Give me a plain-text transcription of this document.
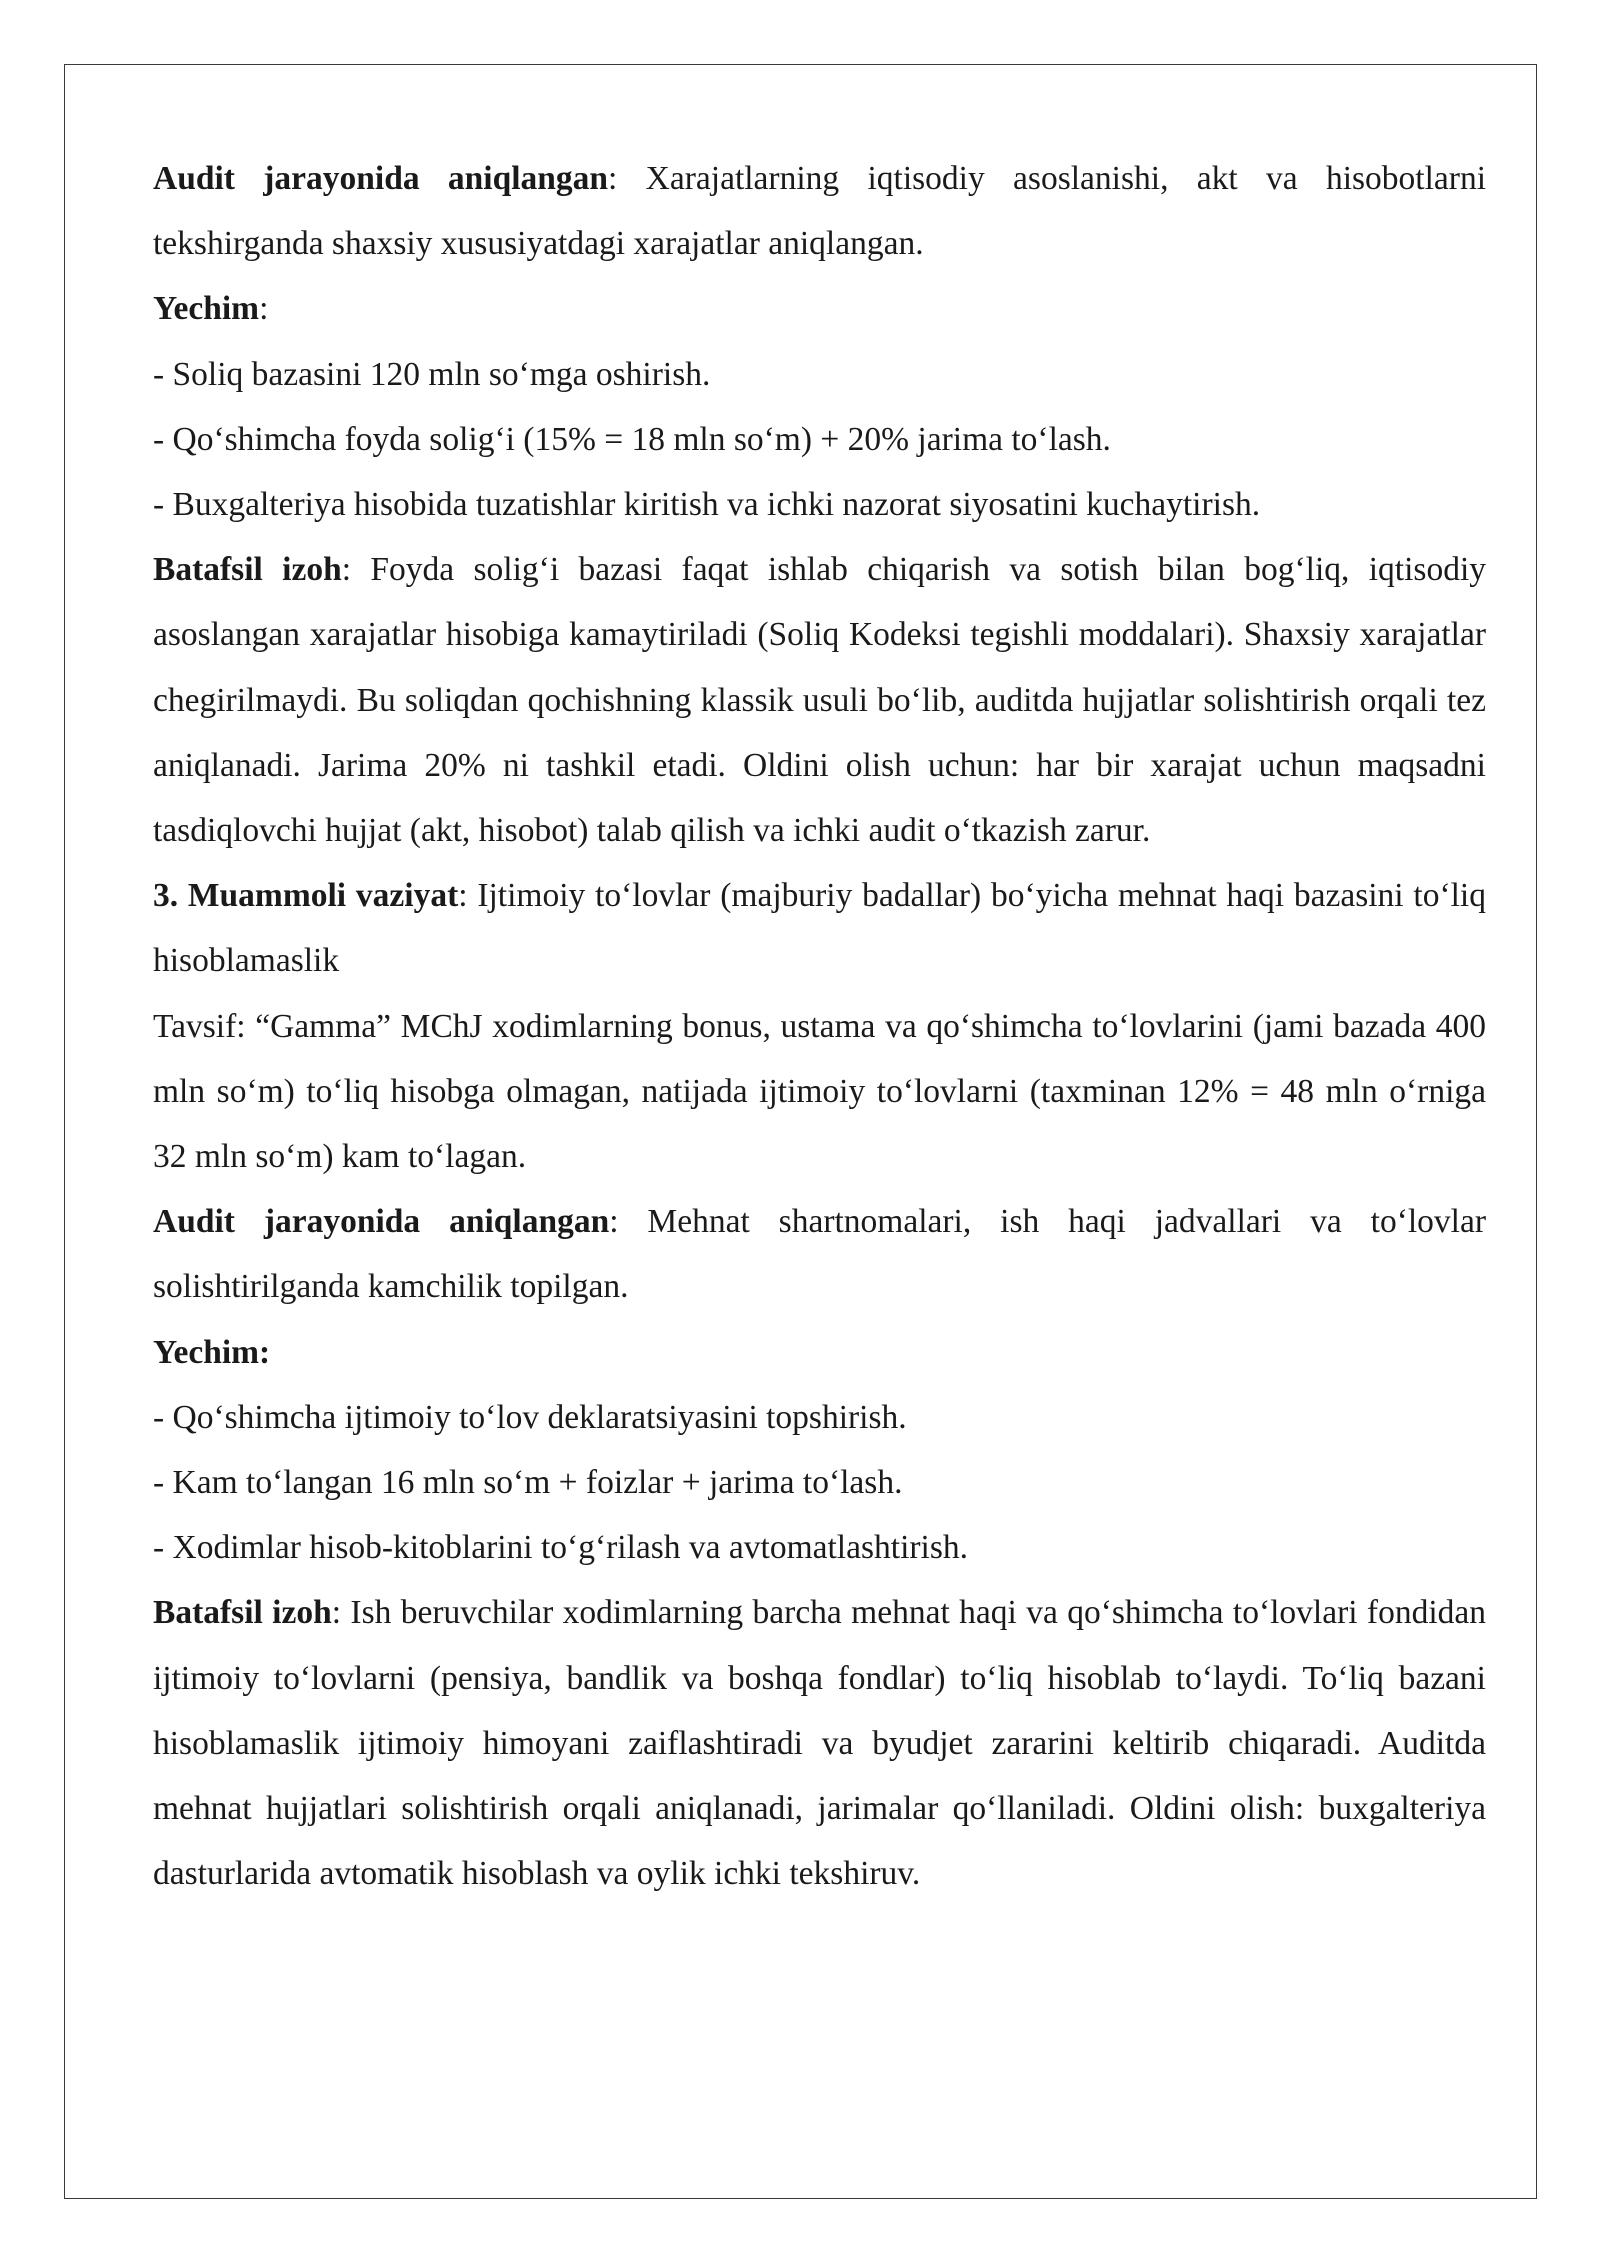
Audit jarayonida aniqlangan: Xarajatlarning iqtisodiy asoslanishi, akt va hisobotlarni tekshirganda shaxsiy xususiyatdagi xarajatlar aniqlangan.

Yechim:

- Soliq bazasini 120 mln so‘mga oshirish.

- Qo‘shimcha foyda solig‘i (15% = 18 mln so‘m) + 20% jarima to‘lash.

- Buxgalteriya hisobida tuzatishlar kiritish va ichki nazorat siyosatini kuchaytirish.

Batafsil izoh: Foyda solig‘i bazasi faqat ishlab chiqarish va sotish bilan bog‘liq, iqtisodiy asoslangan xarajatlar hisobiga kamaytiriladi (Soliq Kodeksi tegishli moddalari). Shaxsiy xarajatlar chegirilmaydi. Bu soliqdan qochishning klassik usuli bo‘lib, auditda hujjatlar solishtirish orqali tez aniqlanadi. Jarima 20% ni tashkil etadi. Oldini olish uchun: har bir xarajat uchun maqsadni tasdiqlovchi hujjat (akt, hisobot) talab qilish va ichki audit o‘tkazish zarur.

3. Muammoli vaziyat: Ijtimoiy to‘lovlar (majburiy badallar) bo‘yicha mehnat haqi bazasini to‘liq hisoblamaslik

Tavsif: “Gamma” MChJ xodimlarning bonus, ustama va qo‘shimcha to‘lovlarini (jami bazada 400 mln so‘m) to‘liq hisobga olmagan, natijada ijtimoiy to‘lovlarni (taxminan 12% = 48 mln o‘rniga 32 mln so‘m) kam to‘lagan.

Audit jarayonida aniqlangan: Mehnat shartnomalari, ish haqi jadvallari va to‘lovlar solishtirilganda kamchilik topilgan.

Yechim:

- Qo‘shimcha ijtimoiy to‘lov deklaratsiyasini topshirish.

- Kam to‘langan 16 mln so‘m + foizlar + jarima to‘lash.

- Xodimlar hisob-kitoblarini to‘g‘rilash va avtomatlashtirish.

Batafsil izoh: Ish beruvchilar xodimlarning barcha mehnat haqi va qo‘shimcha to‘lovlari fondidan ijtimoiy to‘lovlarni (pensiya, bandlik va boshqa fondlar) to‘liq hisoblab to‘laydi. To‘liq bazani hisoblamaslik ijtimoiy himoyani zaiflashtiradi va byudjet zararini keltirib chiqaradi. Auditda mehnat hujjatlari solishtirish orqali aniqlanadi, jarimalar qo‘llaniladi. Oldini olish: buxgalteriya dasturlarida avtomatik hisoblash va oylik ichki tekshiruv.
